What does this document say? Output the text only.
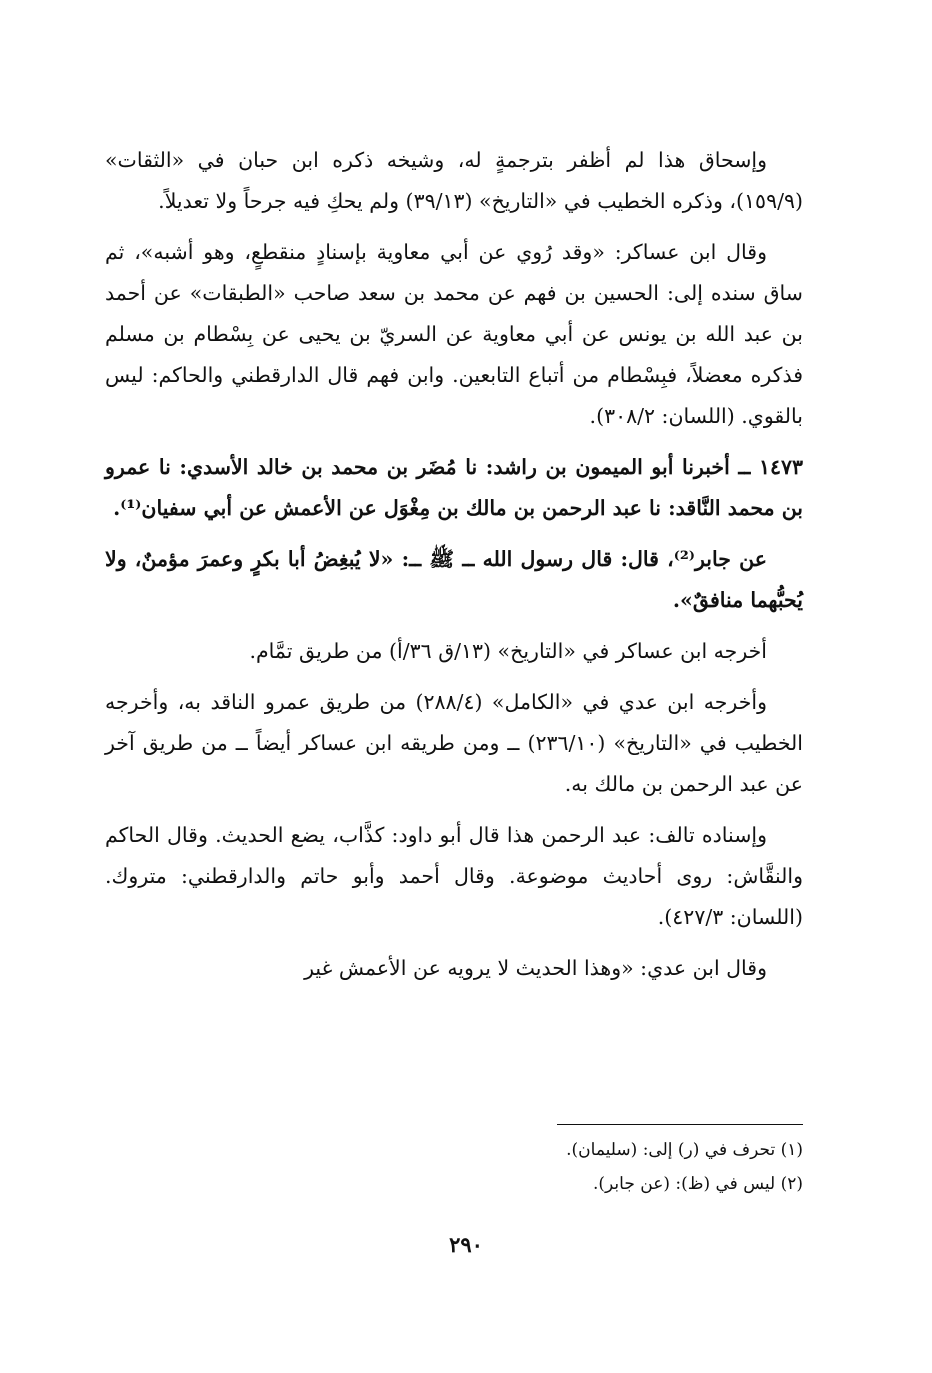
وإسحاق هذا لم أظفر بترجمةٍ له، وشيخه ذكره ابن حبان في «الثقات» (١٥٩/٩)، وذكره الخطيب في «التاريخ» (٣٩/١٣) ولم يحكِ فيه جرحاً ولا تعديلاً.

وقال ابن عساكر: «وقد رُوي عن أبي معاوية بإسنادٍ منقطعٍ، وهو أشبه»، ثم ساق سنده إلى: الحسين بن فهم عن محمد بن سعد صاحب «الطبقات» عن أحمد بن عبد الله بن يونس عن أبي معاوية عن السريّ بن يحيى عن بِسْطام بن مسلم فذكره معضلاً، فبِسْطام من أتباع التابعين. وابن فهم قال الدارقطني والحاكم: ليس بالقوي. (اللسان: ٣٠٨/٢).

١٤٧٣ ــ أخبرنا أبو الميمون بن راشد: نا مُضَر بن محمد بن خالد الأسدي: نا عمرو بن محمد النَّاقد: نا عبد الرحمن بن مالك بن مِغْوَل عن الأعمش عن أبي سفيان⁽¹⁾.

عن جابر⁽²⁾، قال: قال رسول الله ــ ﷺ ــ: «لا يُبغِضُ أبا بكرٍ وعمرَ مؤمنٌ، ولا يُحبُّهما منافقٌ».

أخرجه ابن عساكر في «التاريخ» (١٣/ق ٣٦/أ) من طريق تمَّام.

وأخرجه ابن عدي في «الكامل» (٢٨٨/٤) من طريق عمرو الناقد به، وأخرجه الخطيب في «التاريخ» (٢٣٦/١٠) ــ ومن طريقه ابن عساكر أيضاً ــ من طريق آخر عن عبد الرحمن بن مالك به.

وإسناده تالف: عبد الرحمن هذا قال أبو داود: كذَّاب، يضع الحديث. وقال الحاكم والنقَّاش: روى أحاديث موضوعة. وقال أحمد وأبو حاتم والدارقطني: متروك. (اللسان: ٤٢٧/٣).

وقال ابن عدي: «وهذا الحديث لا يرويه عن الأعمش غير

(١) تحرف في (ر) إلى: (سليمان).

(٢) ليس في (ظ): (عن جابر).

٢٩٠
